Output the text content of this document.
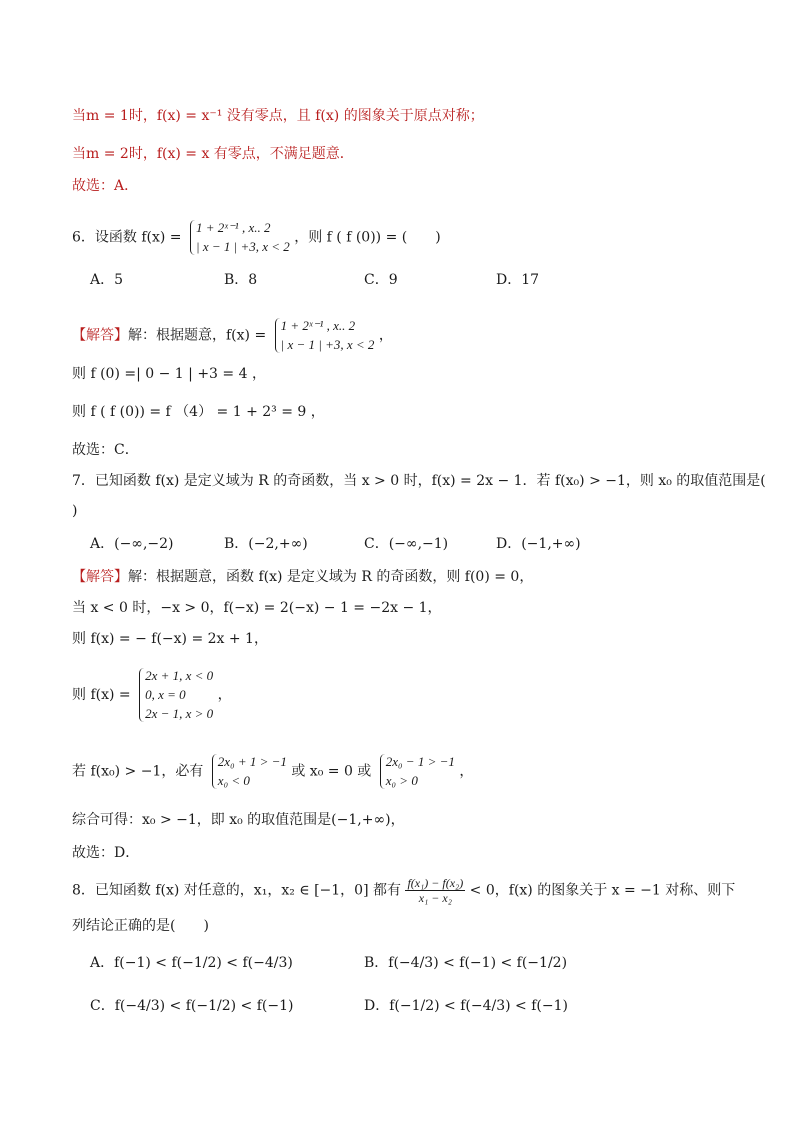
当m = 1时，f(x) = x⁻¹ 没有零点，且 f(x) 的图象关于原点对称；
当m = 2时，f(x) = x 有零点，不满足题意．
故选：A．
6．设函数 f(x) =
1 + 2ˣ⁻¹ , x.. 2
| x − 1 | +3, x < 2
，则 f ( f (0)) = (　　)
A．5	B．8	C．9	D．17
【解答】解：根据题意，f(x) =
1 + 2ˣ⁻¹ , x.. 2
| x − 1 | +3, x < 2
，
则 f (0) =| 0 − 1 | +3 = 4 ，
则 f ( f (0)) = f （4） = 1 + 2³ = 9 ，
故选：C．
7．已知函数 f(x) 是定义域为 R 的奇函数，当 x > 0 时，f(x) = 2x − 1．若 f(x₀) > −1，则 x₀ 的取值范围是(
)
A．(−∞,−2)	B．(−2,+∞)	C．(−∞,−1)	D．(−1,+∞)
【解答】解：根据题意，函数 f(x) 是定义域为 R 的奇函数，则 f(0) = 0，
当 x < 0 时，−x > 0，f(−x) = 2(−x) − 1 = −2x − 1，
则 f(x) = − f(−x) = 2x + 1，
则 f(x) =
2x + 1, x < 0
0, x = 0
2x − 1, x > 0
，
若 f(x₀) > −1，必有
2x₀ + 1 > −1
x₀ < 0
或 x₀ = 0 或
2x₀ − 1 > −1
x₀ > 0
，
综合可得：x₀ > −1，即 x₀ 的取值范围是(−1,+∞)，
故选：D．
8．已知函数 f(x) 对任意的，x₁，x₂ ∈ [−1，0] 都有 $\frac{\text{f(x₁) − f(x₂)}}{\text{x₁ − x₂}} < 0$，f(x) 的图象关于 x = −1 对称、则下
列结论正确的是(　　)
A．f(−1) < f(−1/2) < f(−4/3)	B．f(−4/3) < f(−1) < f(−1/2)
C．f(−4/3) < f(−1/2) < f(−1)	D．f(−1/2) < f(−4/3) < f(−1)
